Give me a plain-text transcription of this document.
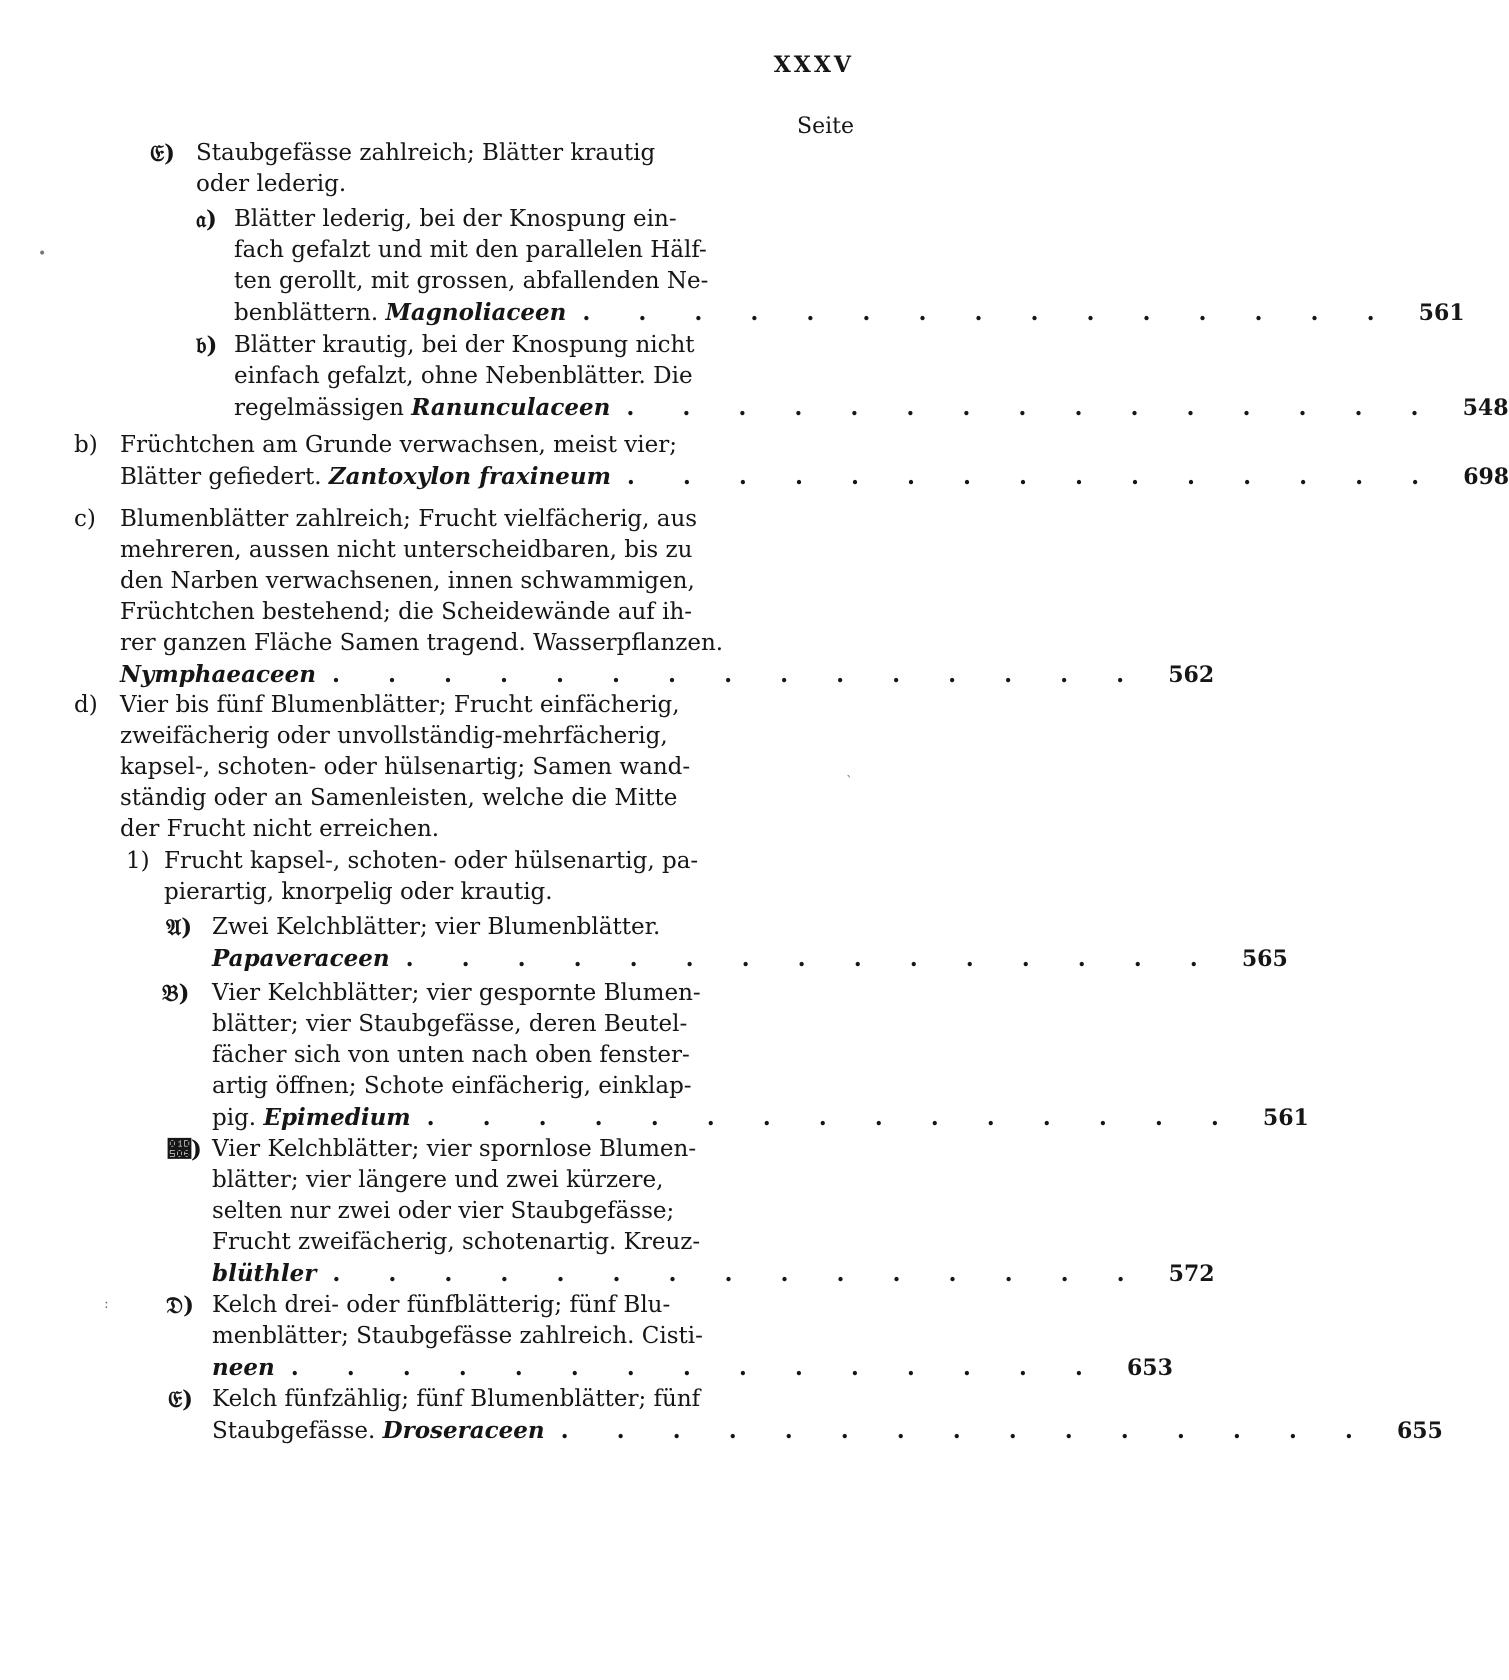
XXXV
Seite
𝔈) Staubgefässe zahlreich; Blätter krautig
oder lederig.
𝔞) Blätter lederig, bei der Knospung ein-
fach gefalzt und mit den parallelen Hälf-
ten gerollt, mit grossen, abfallenden Ne-
benblättern. Magnoliaceen . . . . . . . . . . . . . . .	561
𝔟) Blätter krautig, bei der Knospung nicht
einfach gefalzt, ohne Nebenblätter. Die
regelmässigen Ranunculaceen . . . . . . . . . . . . . . .	548
b) Früchtchen am Grunde verwachsen, meist vier;
Blätter gefiedert. Zantoxylon fraxineum . . . . . . . . . . . . . . .	698
c) Blumenblätter zahlreich; Frucht vielfächerig, aus
mehreren, aussen nicht unterscheidbaren, bis zu
den Narben verwachsenen, innen schwammigen,
Früchtchen bestehend; die Scheidewände auf ih-
rer ganzen Fläche Samen tragend. Wasserpflanzen.
Nymphaeaceen . . . . . . . . . . . . . . .	562
d) Vier bis fünf Blumenblätter; Frucht einfächerig,
zweifächerig oder unvollständig-mehrfächerig,
kapsel-, schoten- oder hülsenartig; Samen wand-
ständig oder an Samenleisten, welche die Mitte
der Frucht nicht erreichen.
1) Frucht kapsel-, schoten- oder hülsenartig, pa-
pierartig, knorpelig oder krautig.
𝔄) Zwei Kelchblätter; vier Blumenblätter.
Papaveraceen . . . . . . . . . . . . . . .	565
𝔅) Vier Kelchblätter; vier gespornte Blumen-
blätter; vier Staubgefässe, deren Beutel-
fächer sich von unten nach oben fenster-
artig öffnen; Schote einfächerig, einklap-
pig. Epimedium . . . . . . . . . . . . . . .	561
𝔆) Vier Kelchblätter; vier spornlose Blumen-
blätter; vier längere und zwei kürzere,
selten nur zwei oder vier Staubgefässe;
Frucht zweifächerig, schotenartig. Kreuz-
blüthler . . . . . . . . . . . . . . .	572
𝔇) Kelch drei- oder fünfblätterig; fünf Blu-
menblätter; Staubgefässe zahlreich. Cisti-
neen . . . . . . . . . . . . . . .	653
𝔈) Kelch fünfzählig; fünf Blumenblätter; fünf
Staubgefässe. Droseraceen . . . . . . . . . . . . . . .	655
•
`
:
